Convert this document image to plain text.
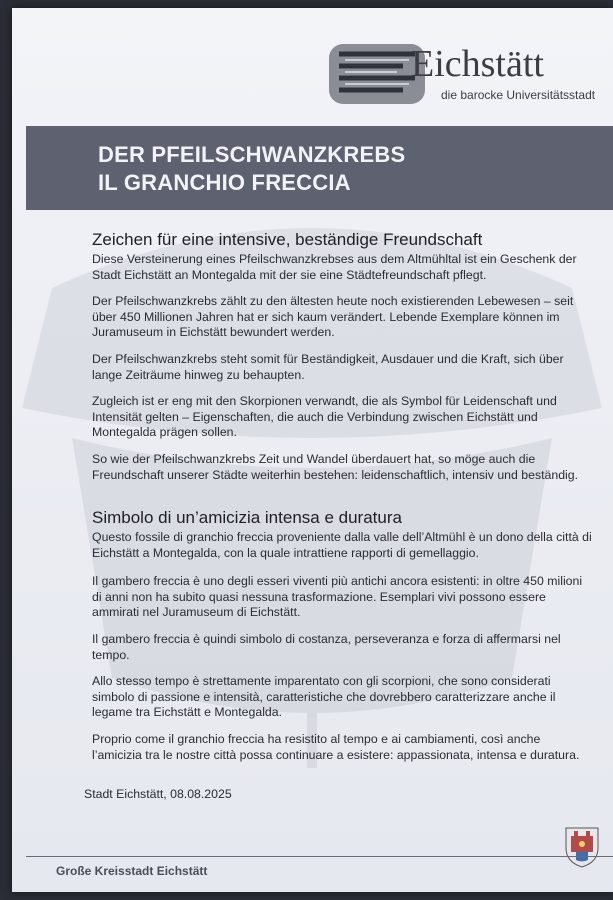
Eichstätt
die barocke Universitätsstadt
DER PFEILSCHWANZKREBS
IL GRANCHIO FRECCIA
Zeichen für eine intensive, beständige Freundschaft
Diese Versteinerung eines Pfeilschwanzkrebses aus dem Altmühltal ist ein Geschenk der Stadt Eichstätt an Montegalda mit der sie eine Städtefreundschaft pflegt.
Der Pfeilschwanzkrebs zählt zu den ältesten heute noch existierenden Lebewesen – seit über 450 Millionen Jahren hat er sich kaum verändert. Lebende Exemplare können im Juramuseum in Eichstätt bewundert werden.
Der Pfeilschwanzkrebs steht somit für Beständigkeit, Ausdauer und die Kraft, sich über lange Zeiträume hinweg zu behaupten.
Zugleich ist er eng mit den Skorpionen verwandt, die als Symbol für Leidenschaft und Intensität gelten – Eigenschaften, die auch die Verbindung zwischen Eichstätt und Montegalda prägen sollen.
So wie der Pfeilschwanzkrebs Zeit und Wandel überdauert hat, so möge auch die Freundschaft unserer Städte weiterhin bestehen: leidenschaftlich, intensiv und beständig.
Simbolo di un’amicizia intensa e duratura
Questo fossile di granchio freccia proveniente dalla valle dell’Altmühl è un dono della città di Eichstätt a Montegalda, con la quale intrattiene rapporti di gemellaggio.
Il gambero freccia è uno degli esseri viventi più antichi ancora esistenti: in oltre 450 milioni di anni non ha subito quasi nessuna trasformazione. Esemplari vivi possono essere ammirati nel Juramuseum di Eichstätt.
Il gambero freccia è quindi simbolo di costanza, perseveranza e forza di affermarsi nel tempo.
Allo stesso tempo è strettamente imparentato con gli scorpioni, che sono considerati simbolo di passione e intensità, caratteristiche che dovrebbero caratterizzare anche il legame tra Eichstätt e Montegalda.
Proprio come il granchio freccia ha resistito al tempo e ai cambiamenti, così anche l’amicizia tra le nostre città possa continuare a esistere: appassionata, intensa e duratura.
Stadt Eichstätt, 08.08.2025
Große Kreisstadt Eichstätt
